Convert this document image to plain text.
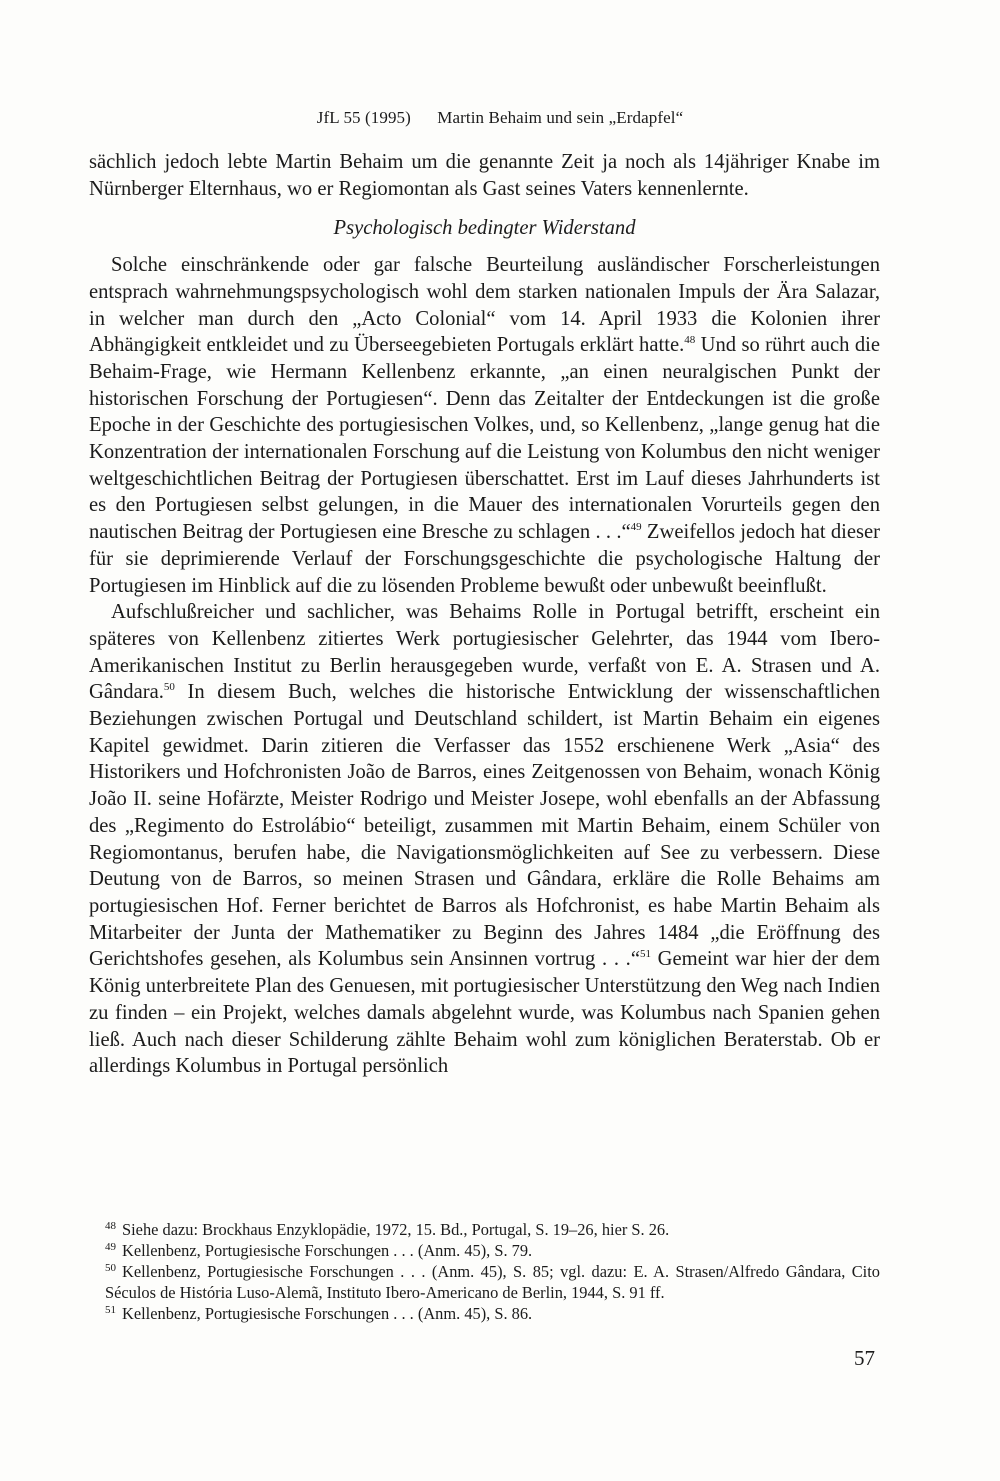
JfL 55 (1995) Martin Behaim und sein „Erdapfel“

sächlich jedoch lebte Martin Behaim um die genannte Zeit ja noch als 14jähriger Knabe im Nürnberger Elternhaus, wo er Regiomontan als Gast seines Vaters kennenlernte.

Psychologisch bedingter Widerstand

Solche einschränkende oder gar falsche Beurteilung ausländischer Forscherleistungen entsprach wahrnehmungspsychologisch wohl dem starken nationalen Impuls der Ära Salazar, in welcher man durch den „Acto Colonial“ vom 14. April 1933 die Kolonien ihrer Abhängigkeit entkleidet und zu Überseegebieten Portugals erklärt hatte.$^{48}$ Und so rührt auch die Behaim-Frage, wie Hermann Kellenbenz erkannte, „an einen neuralgischen Punkt der historischen Forschung der Portugiesen“. Denn das Zeitalter der Entdeckungen ist die große Epoche in der Geschichte des portugiesischen Volkes, und, so Kellenbenz, „lange genug hat die Konzentration der internationalen Forschung auf die Leistung von Kolumbus den nicht weniger weltgeschichtlichen Beitrag der Portugiesen überschattet. Erst im Lauf dieses Jahrhunderts ist es den Portugiesen selbst gelungen, in die Mauer des internationalen Vorurteils gegen den nautischen Beitrag der Portugiesen eine Bresche zu schlagen . . .“$^{49}$ Zweifellos jedoch hat dieser für sie deprimierende Verlauf der Forschungsgeschichte die psychologische Haltung der Portugiesen im Hinblick auf die zu lösenden Probleme bewußt oder unbewußt beeinflußt.

Aufschlußreicher und sachlicher, was Behaims Rolle in Portugal betrifft, erscheint ein späteres von Kellenbenz zitiertes Werk portugiesischer Gelehrter, das 1944 vom Ibero-Amerikanischen Institut zu Berlin herausgegeben wurde, verfaßt von E. A. Strasen und A. Gândara.$^{50}$ In diesem Buch, welches die historische Entwicklung der wissenschaftlichen Beziehungen zwischen Portugal und Deutschland schildert, ist Martin Behaim ein eigenes Kapitel gewidmet. Darin zitieren die Verfasser das 1552 erschienene Werk „Asia“ des Historikers und Hofchronisten João de Barros, eines Zeitgenossen von Behaim, wonach König João II. seine Hofärzte, Meister Rodrigo und Meister Josepe, wohl ebenfalls an der Abfassung des „Regimento do Estrolábio“ beteiligt, zusammen mit Martin Behaim, einem Schüler von Regiomontanus, berufen habe, die Navigationsmöglichkeiten auf See zu verbessern. Diese Deutung von de Barros, so meinen Strasen und Gândara, erkläre die Rolle Behaims am portugiesischen Hof. Ferner berichtet de Barros als Hofchronist, es habe Martin Behaim als Mitarbeiter der Junta der Mathematiker zu Beginn des Jahres 1484 „die Eröffnung des Gerichtshofes gesehen, als Kolumbus sein Ansinnen vortrug . . .“$^{51}$ Gemeint war hier der dem König unterbreitete Plan des Genuesen, mit portugiesischer Unterstützung den Weg nach Indien zu finden – ein Projekt, welches damals abgelehnt wurde, was Kolumbus nach Spanien gehen ließ. Auch nach dieser Schilderung zählte Behaim wohl zum königlichen Beraterstab. Ob er allerdings Kolumbus in Portugal persönlich

$^{48}$ Siehe dazu: Brockhaus Enzyklopädie, 1972, 15. Bd., Portugal, S. 19–26, hier S. 26.
$^{49}$ Kellenbenz, Portugiesische Forschungen . . . (Anm. 45), S. 79.
$^{50}$ Kellenbenz, Portugiesische Forschungen . . . (Anm. 45), S. 85; vgl. dazu: E. A. Strasen/Alfredo Gândara, Cito Séculos de História Luso-Alemã, Instituto Ibero-Americano de Berlin, 1944, S. 91 ff.
$^{51}$ Kellenbenz, Portugiesische Forschungen . . . (Anm. 45), S. 86.
57
